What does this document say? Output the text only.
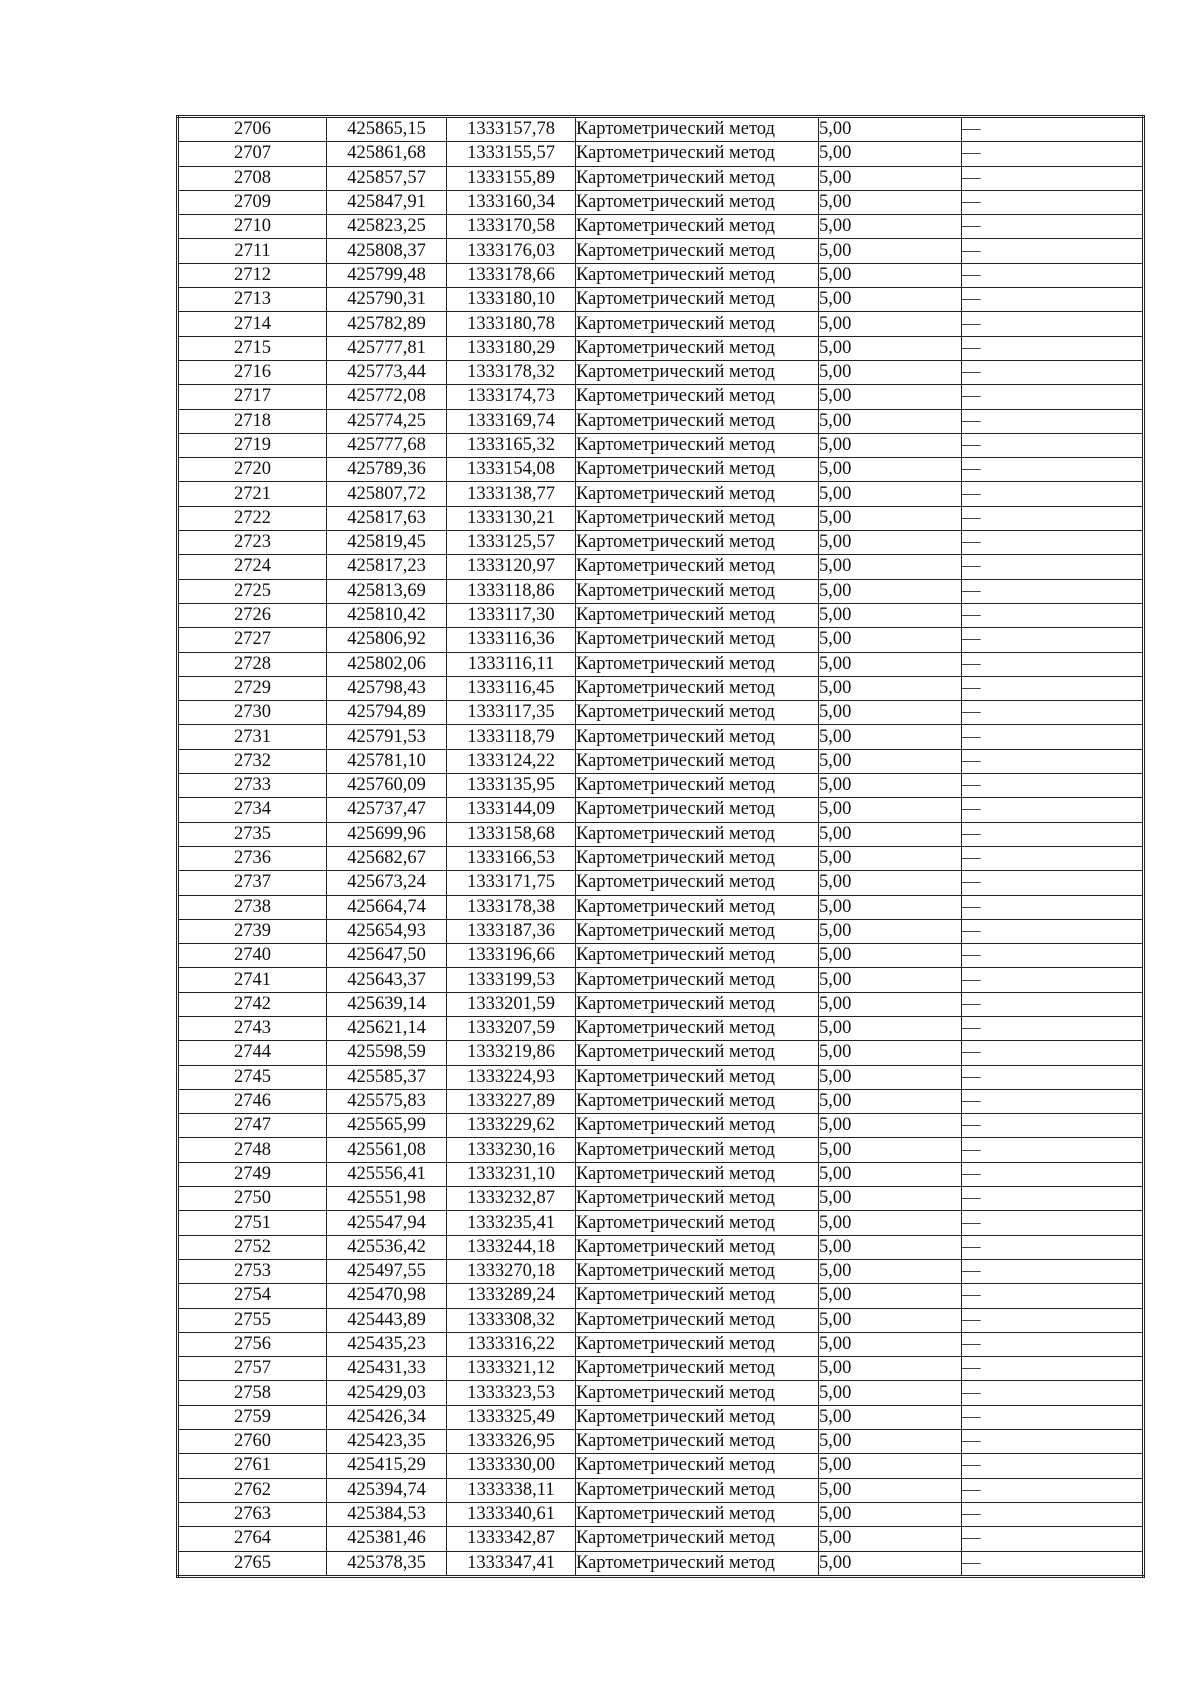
2706	425865,15	1333157,78	Картометрический метод	5,00	—
2707	425861,68	1333155,57	Картометрический метод	5,00	—
2708	425857,57	1333155,89	Картометрический метод	5,00	—
2709	425847,91	1333160,34	Картометрический метод	5,00	—
2710	425823,25	1333170,58	Картометрический метод	5,00	—
2711	425808,37	1333176,03	Картометрический метод	5,00	—
2712	425799,48	1333178,66	Картометрический метод	5,00	—
2713	425790,31	1333180,10	Картометрический метод	5,00	—
2714	425782,89	1333180,78	Картометрический метод	5,00	—
2715	425777,81	1333180,29	Картометрический метод	5,00	—
2716	425773,44	1333178,32	Картометрический метод	5,00	—
2717	425772,08	1333174,73	Картометрический метод	5,00	—
2718	425774,25	1333169,74	Картометрический метод	5,00	—
2719	425777,68	1333165,32	Картометрический метод	5,00	—
2720	425789,36	1333154,08	Картометрический метод	5,00	—
2721	425807,72	1333138,77	Картометрический метод	5,00	—
2722	425817,63	1333130,21	Картометрический метод	5,00	—
2723	425819,45	1333125,57	Картометрический метод	5,00	—
2724	425817,23	1333120,97	Картометрический метод	5,00	—
2725	425813,69	1333118,86	Картометрический метод	5,00	—
2726	425810,42	1333117,30	Картометрический метод	5,00	—
2727	425806,92	1333116,36	Картометрический метод	5,00	—
2728	425802,06	1333116,11	Картометрический метод	5,00	—
2729	425798,43	1333116,45	Картометрический метод	5,00	—
2730	425794,89	1333117,35	Картометрический метод	5,00	—
2731	425791,53	1333118,79	Картометрический метод	5,00	—
2732	425781,10	1333124,22	Картометрический метод	5,00	—
2733	425760,09	1333135,95	Картометрический метод	5,00	—
2734	425737,47	1333144,09	Картометрический метод	5,00	—
2735	425699,96	1333158,68	Картометрический метод	5,00	—
2736	425682,67	1333166,53	Картометрический метод	5,00	—
2737	425673,24	1333171,75	Картометрический метод	5,00	—
2738	425664,74	1333178,38	Картометрический метод	5,00	—
2739	425654,93	1333187,36	Картометрический метод	5,00	—
2740	425647,50	1333196,66	Картометрический метод	5,00	—
2741	425643,37	1333199,53	Картометрический метод	5,00	—
2742	425639,14	1333201,59	Картометрический метод	5,00	—
2743	425621,14	1333207,59	Картометрический метод	5,00	—
2744	425598,59	1333219,86	Картометрический метод	5,00	—
2745	425585,37	1333224,93	Картометрический метод	5,00	—
2746	425575,83	1333227,89	Картометрический метод	5,00	—
2747	425565,99	1333229,62	Картометрический метод	5,00	—
2748	425561,08	1333230,16	Картометрический метод	5,00	—
2749	425556,41	1333231,10	Картометрический метод	5,00	—
2750	425551,98	1333232,87	Картометрический метод	5,00	—
2751	425547,94	1333235,41	Картометрический метод	5,00	—
2752	425536,42	1333244,18	Картометрический метод	5,00	—
2753	425497,55	1333270,18	Картометрический метод	5,00	—
2754	425470,98	1333289,24	Картометрический метод	5,00	—
2755	425443,89	1333308,32	Картометрический метод	5,00	—
2756	425435,23	1333316,22	Картометрический метод	5,00	—
2757	425431,33	1333321,12	Картометрический метод	5,00	—
2758	425429,03	1333323,53	Картометрический метод	5,00	—
2759	425426,34	1333325,49	Картометрический метод	5,00	—
2760	425423,35	1333326,95	Картометрический метод	5,00	—
2761	425415,29	1333330,00	Картометрический метод	5,00	—
2762	425394,74	1333338,11	Картометрический метод	5,00	—
2763	425384,53	1333340,61	Картометрический метод	5,00	—
2764	425381,46	1333342,87	Картометрический метод	5,00	—
2765	425378,35	1333347,41	Картометрический метод	5,00	—
